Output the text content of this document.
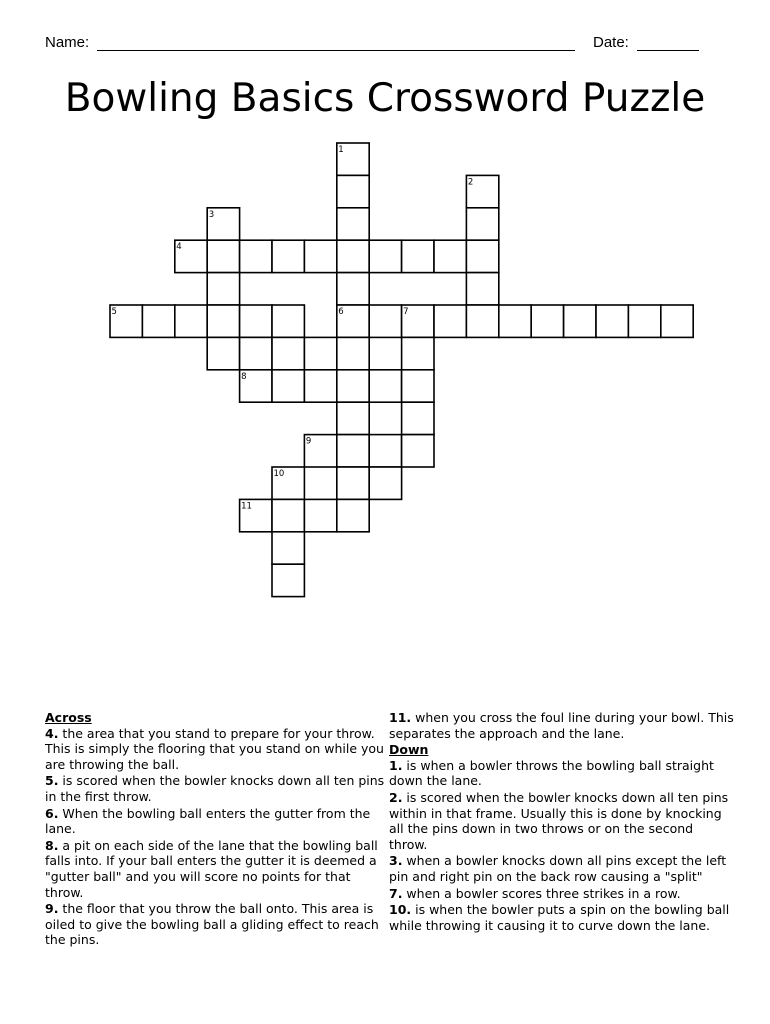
Name:	Date:
Bowling Basics Crossword Puzzle
1
2
3
4
5	6	7
8
9
10
11
Across
4. the area that you stand to prepare for your throw. This is simply the flooring that you stand on while you are throwing the ball.
5. is scored when the bowler knocks down all ten pins in the first throw.
6. When the bowling ball enters the gutter from the lane.
8. a pit on each side of the lane that the bowling ball falls into. If your ball enters the gutter it is deemed a "gutter ball" and you will score no points for that throw.
9. the floor that you throw the ball onto. This area is oiled to give the bowling ball a gliding effect to reach the pins.
11. when you cross the foul line during your bowl. This separates the approach and the lane.
Down
1. is when a bowler throws the bowling ball straight down the lane.
2. is scored when the bowler knocks down all ten pins within in that frame. Usually this is done by knocking all the pins down in two throws or on the second throw.
3. when a bowler knocks down all pins except the left pin and right pin on the back row causing a "split"
7. when a bowler scores three strikes in a row.
10. is when the bowler puts a spin on the bowling ball while throwing it causing it to curve down the lane.
